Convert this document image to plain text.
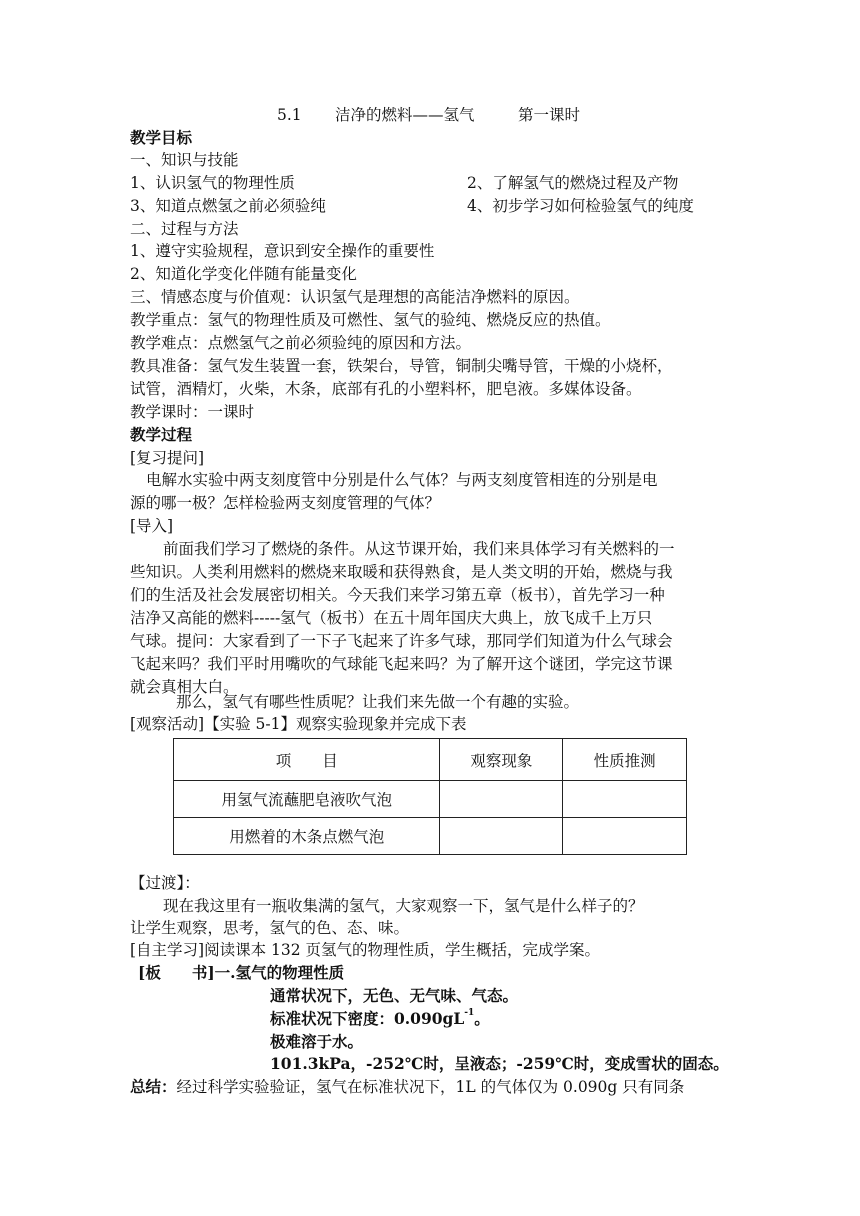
5.1 洁净的燃料——氢气	第一课时
教学目标
一、知识与技能
1、认识氢气的物理性质	2、了解氢气的燃烧过程及产物
3、知道点燃氢之前必须验纯	4、初步学习如何检验氢气的纯度
二、过程与方法
1、遵守实验规程，意识到安全操作的重要性
2、知道化学变化伴随有能量变化
三、情感态度与价值观：认识氢气是理想的高能洁净燃料的原因。
教学重点：氢气的物理性质及可燃性、氢气的验纯、燃烧反应的热值。
教学难点：点燃氢气之前必须验纯的原因和方法。
教具准备：氢气发生装置一套，铁架台，导管，铜制尖嘴导管，干燥的小烧杯，
试管，酒精灯，火柴，木条，底部有孔的小塑料杯，肥皂液。多媒体设备。
教学课时：一课时
教学过程
[复习提问]
电解水实验中两支刻度管中分别是什么气体？与两支刻度管相连的分别是电
源的哪一极？怎样检验两支刻度管理的气体？
[导入]
前面我们学习了燃烧的条件。从这节课开始，我们来具体学习有关燃料的一
些知识。人类利用燃料的燃烧来取暖和获得熟食，是人类文明的开始，燃烧与我
们的生活及社会发展密切相关。今天我们来学习第五章（板书），首先学习一种
洁净又高能的燃料-----氢气（板书）在五十周年国庆大典上，放飞成千上万只
气球。提问：大家看到了一下子飞起来了许多气球，那同学们知道为什么气球会
飞起来吗？我们平时用嘴吹的气球能飞起来吗？为了解开这个谜团，学完这节课
就会真相大白。
那么，氢气有哪些性质呢？让我们来先做一个有趣的实验。
[观察活动]【实验 5-1】观察实验现象并完成下表
项　　目	观察现象	性质推测
用氢气流蘸肥皂液吹气泡		
用燃着的木条点燃气泡		
【过渡】：
现在我这里有一瓶收集满的氢气，大家观察一下，氢气是什么样子的？
让学生观察，思考，氢气的色、态、味。
[自主学习]阅读课本 132 页氢气的物理性质，学生概括，完成学案。
[板　　书]一.氢气的物理性质
通常状况下，无色、无气味、气态。
标准状况下密度：$0.090gL^{-1}$。
极难溶于水。
101.3kPa，-252℃时，呈液态；-259℃时，变成雪状的固态。
总结：经过科学实验验证，氢气在标准状况下，1L 的气体仅为 0.090g 只有同条
